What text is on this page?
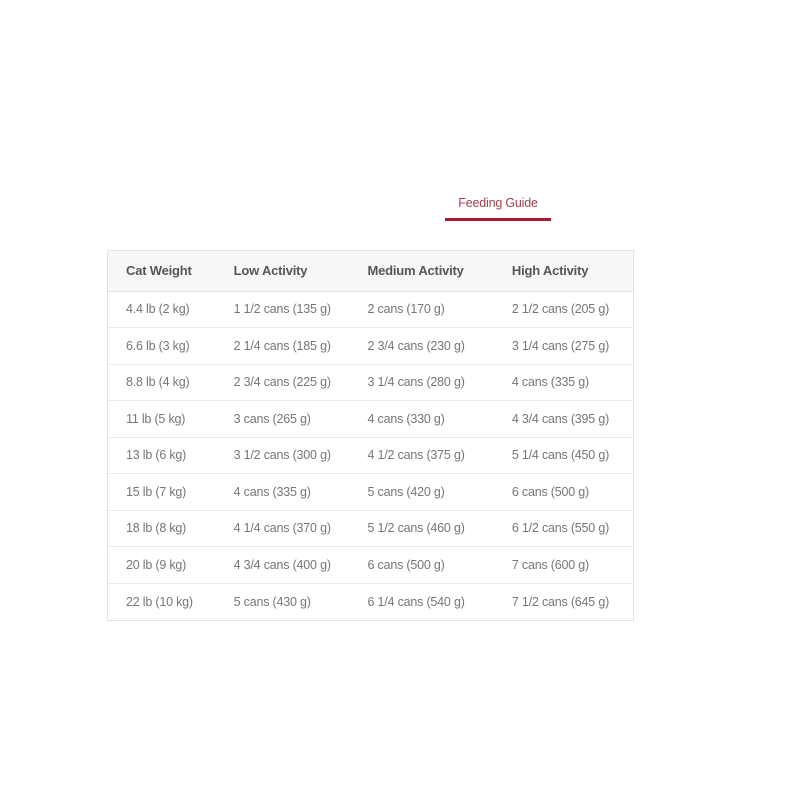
Feeding Guide
Cat Weight	Low Activity	Medium Activity	High Activity
4.4 lb (2 kg)	1 1/2 cans (135 g)	2 cans (170 g)	2 1/2 cans (205 g)
6.6 lb (3 kg)	2 1/4 cans (185 g)	2 3/4 cans (230 g)	3 1/4 cans (275 g)
8.8 lb (4 kg)	2 3/4 cans (225 g)	3 1/4 cans (280 g)	4 cans (335 g)
11 lb (5 kg)	3 cans (265 g)	4 cans (330 g)	4 3/4 cans (395 g)
13 lb (6 kg)	3 1/2 cans (300 g)	4 1/2 cans (375 g)	5 1/4 cans (450 g)
15 lb (7 kg)	4 cans (335 g)	5 cans (420 g)	6 cans (500 g)
18 lb (8 kg)	4 1/4 cans (370 g)	5 1/2 cans (460 g)	6 1/2 cans (550 g)
20 lb (9 kg)	4 3/4 cans (400 g)	6 cans (500 g)	7 cans (600 g)
22 lb (10 kg)	5 cans (430 g)	6 1/4 cans (540 g)	7 1/2 cans (645 g)
